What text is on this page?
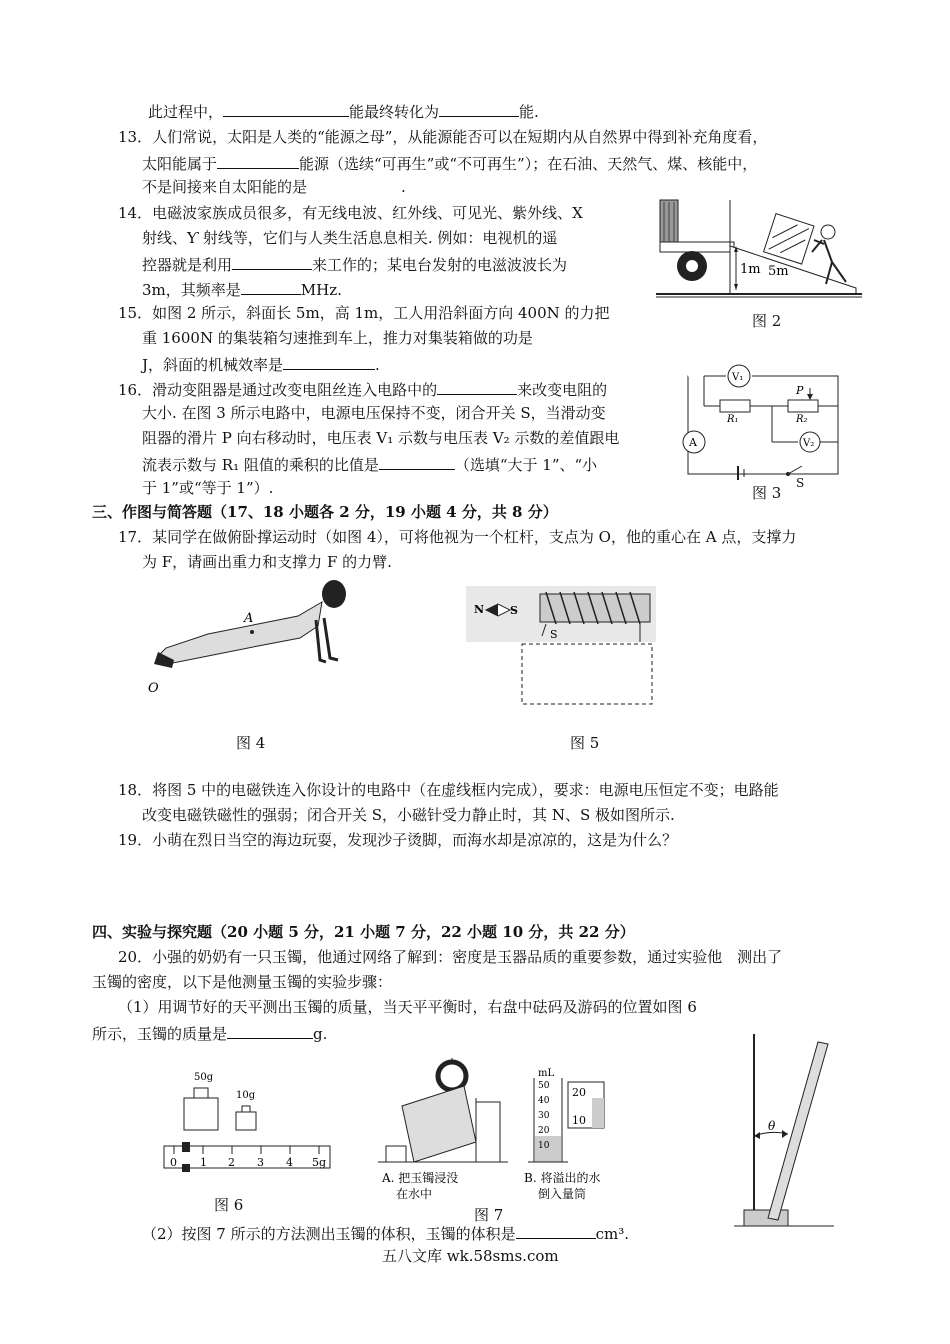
此过程中，	能最终转化为	能.
13．人们常说，太阳是人类的“能源之母”，从能源能否可以在短期内从自然界中得到补充角度看，
太阳能属于	能源（选续“可再生”或“不可再生”）；在石油、天然气、煤、核能中，
不是间接来自太阳能的是	.
14．电磁波家族成员很多，有无线电波、红外线、可见光、紫外线、X
射线、Ƴ 射线等，它们与人类生活息息相关. 例如：电视机的遥
控器就是利用	来工作的；某电台发射的电滋波波长为
3m，其频率是	MHz.
15．如图 2 所示，斜面长 5m，高 1m，工人用沿斜面方向 400N 的力把
重 1600N 的集装箱匀速推到车上，推力对集装箱做的功是
J，斜面的机械效率是	.
16．滑动变阻器是通过改变电阻丝连入电路中的	来改变电阻的
大小. 在图 3 所示电路中，电源电压保持不变，闭合开关 S，当滑动变
阻器的滑片 P 向右移动时，电压表 V₁ 示数与电压表 V₂ 示数的差值跟电
流表示数与 R₁ 阻值的乘积的比值是	（选填“大于 1”、“小
于 1”或“等于 1”）.
三、作图与简答题（17、18 小题各 2 分，19 小题 4 分，共 8 分）
17．某同学在做俯卧撑运动时（如图 4），可将他视为一个杠杆，支点为 O，他的重心在 A 点，支撑力
为 F，请画出重力和支撑力 F 的力臂.
18．将图 5 中的电磁铁连入你设计的电路中（在虚线框内完成），要求：电源电压恒定不变；电路能
改变电磁铁磁性的强弱；闭合开关 S，小磁针受力静止时，其 N、S 极如图所示.
19．小萌在烈日当空的海边玩耍，发现沙子烫脚，而海水却是凉凉的，这是为什么？
四、实验与探究题（20 小题 5 分，21 小题 7 分，22 小题 10 分，共 22 分）
20．小强的奶奶有一只玉镯，他通过网络了解到：密度是玉器品质的重要参数，通过实验他　测出了
玉镯的密度，以下是他测量玉镯的实验步骤：
（1）用调节好的天平测出玉镯的质量，当天平平衡时，右盘中砝码及游码的位置如图 6
所示，玉镯的质量是	g.
（2）按图 7 所示的方法测出玉镯的体积，玉镯的体积是	cm³.
五八文库 wk.58sms.com
1m 5m
图 2
V₁
R₁	R₂
P
V₂
A
图 3
S
A
O
图 4
N S
S
图 5
50g
10g
0 1 2 3 4 5g
图 6
A. 把玉镯浸没
在水中
mL
50
40
30
20
10
20
10
B. 将溢出的水
倒入量筒
图 7
θ
